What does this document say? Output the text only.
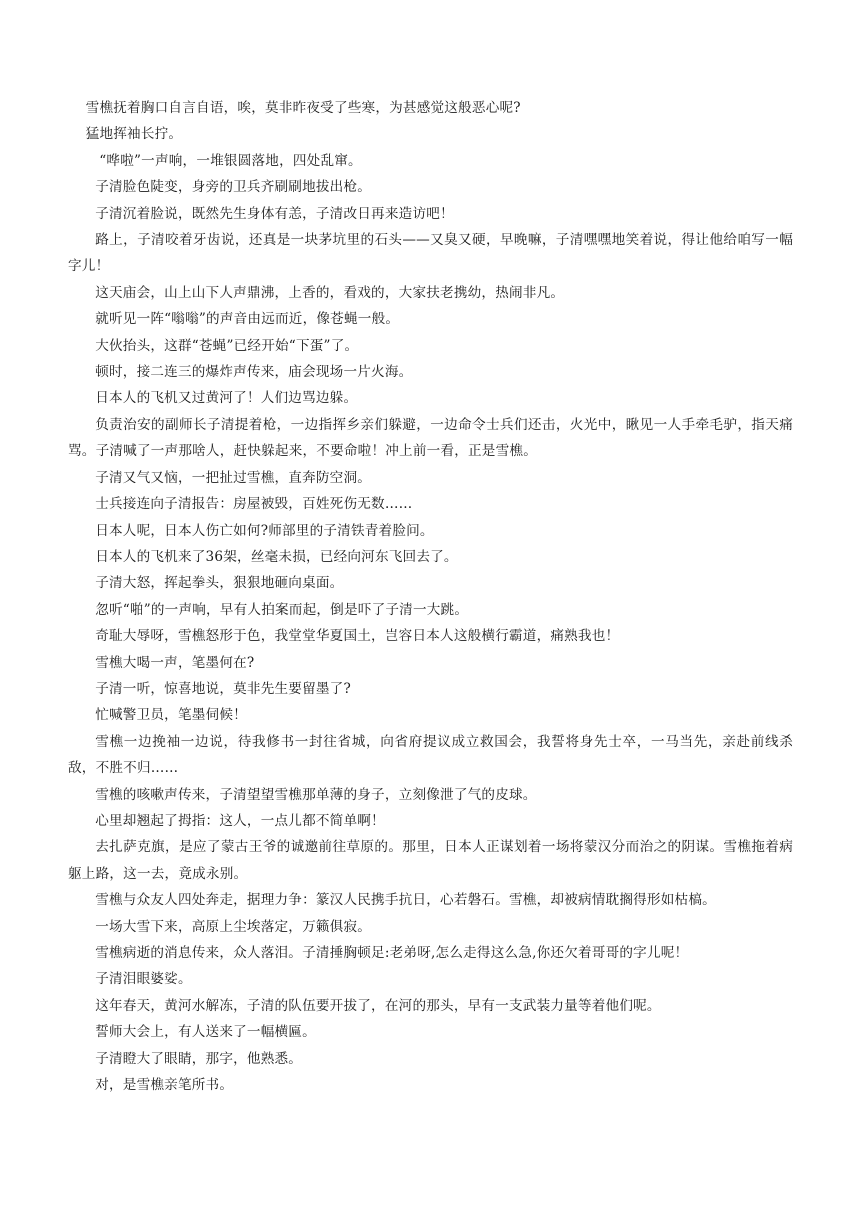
雪樵抚着胸口自言自语，唉，莫非昨夜受了些寒，为甚感觉这般恶心呢?

猛地挥袖长拧。

“哗啦”一声响，一堆银圆落地，四处乱窜。

子清脸色陡变，身旁的卫兵齐刷刷地拔出枪。

子清沉着脸说，既然先生身体有恙，子清改日再来造访吧！

路上，子清咬着牙齿说，还真是一块茅坑里的石头——又臭又硬，早晚嘛，子清嘿嘿地笑着说，得让他给咱写一幅字儿！

这天庙会，山上山下人声鼎沸，上香的，看戏的，大家扶老携幼，热闹非凡。

就听见一阵“嗡嗡”的声音由远而近，像苍蝇一般。

大伙抬头，这群“苍蝇”已经开始“下蛋”了。

顿时，接二连三的爆炸声传来，庙会现场一片火海。

日本人的飞机又过黄河了！人们边骂边躲。

负责治安的副师长子清提着枪，一边指挥乡亲们躲避，一边命令士兵们还击，火光中，瞅见一人手牵毛驴，指天痛骂。子清喊了一声那啥人，赶快躲起来，不要命啦！冲上前一看，正是雪樵。

子清又气又恼，一把扯过雪樵，直奔防空洞。

士兵接连向子清报告：房屋被毁，百姓死伤无数……

日本人呢，日本人伤亡如何?师部里的子清铁青着脸问。

日本人的飞机来了36架，丝毫未损，已经向河东飞回去了。

子清大怒，挥起拳头，狠狠地砸向桌面。

忽听“啪”的一声响，早有人拍案而起，倒是吓了子清一大跳。

奇耻大辱呀，雪樵怒形于色，我堂堂华夏国土，岂容日本人这般横行霸道，痛熟我也！

雪樵大喝一声，笔墨何在?

子清一听，惊喜地说，莫非先生要留墨了?

忙喊警卫员，笔墨伺候！

雪樵一边挽袖一边说，待我修书一封往省城，向省府提议成立救国会，我誓将身先士卒，一马当先，亲赴前线杀敌，不胜不归……

雪樵的咳嗽声传来，子清望望雪樵那单薄的身子，立刻像泄了气的皮球。

心里却翘起了拇指：这人，一点儿都不简单啊！

去扎萨克旗，是应了蒙古王爷的诚邀前往草原的。那里，日本人正谋划着一场将蒙汉分而治之的阴谋。雪樵拖着病躯上路，这一去，竟成永别。

雪樵与众友人四处奔走，据理力争：篆汉人民携手抗日，心若磐石。雪樵，却被病情耽搁得形如枯槁。

一场大雪下来，高原上尘埃落定，万籁俱寂。

雪樵病逝的消息传来，众人落泪。子清捶胸顿足:老弟呀,怎么走得这么急,你还欠着哥哥的字儿呢！

子清泪眼婆娑。

这年春天，黄河水解冻，子清的队伍要开拔了，在河的那头，早有一支武装力量等着他们呢。

誓师大会上，有人送来了一幅横匾。

子清瞪大了眼睛，那字，他熟悉。

对，是雪樵亲笔所书。
